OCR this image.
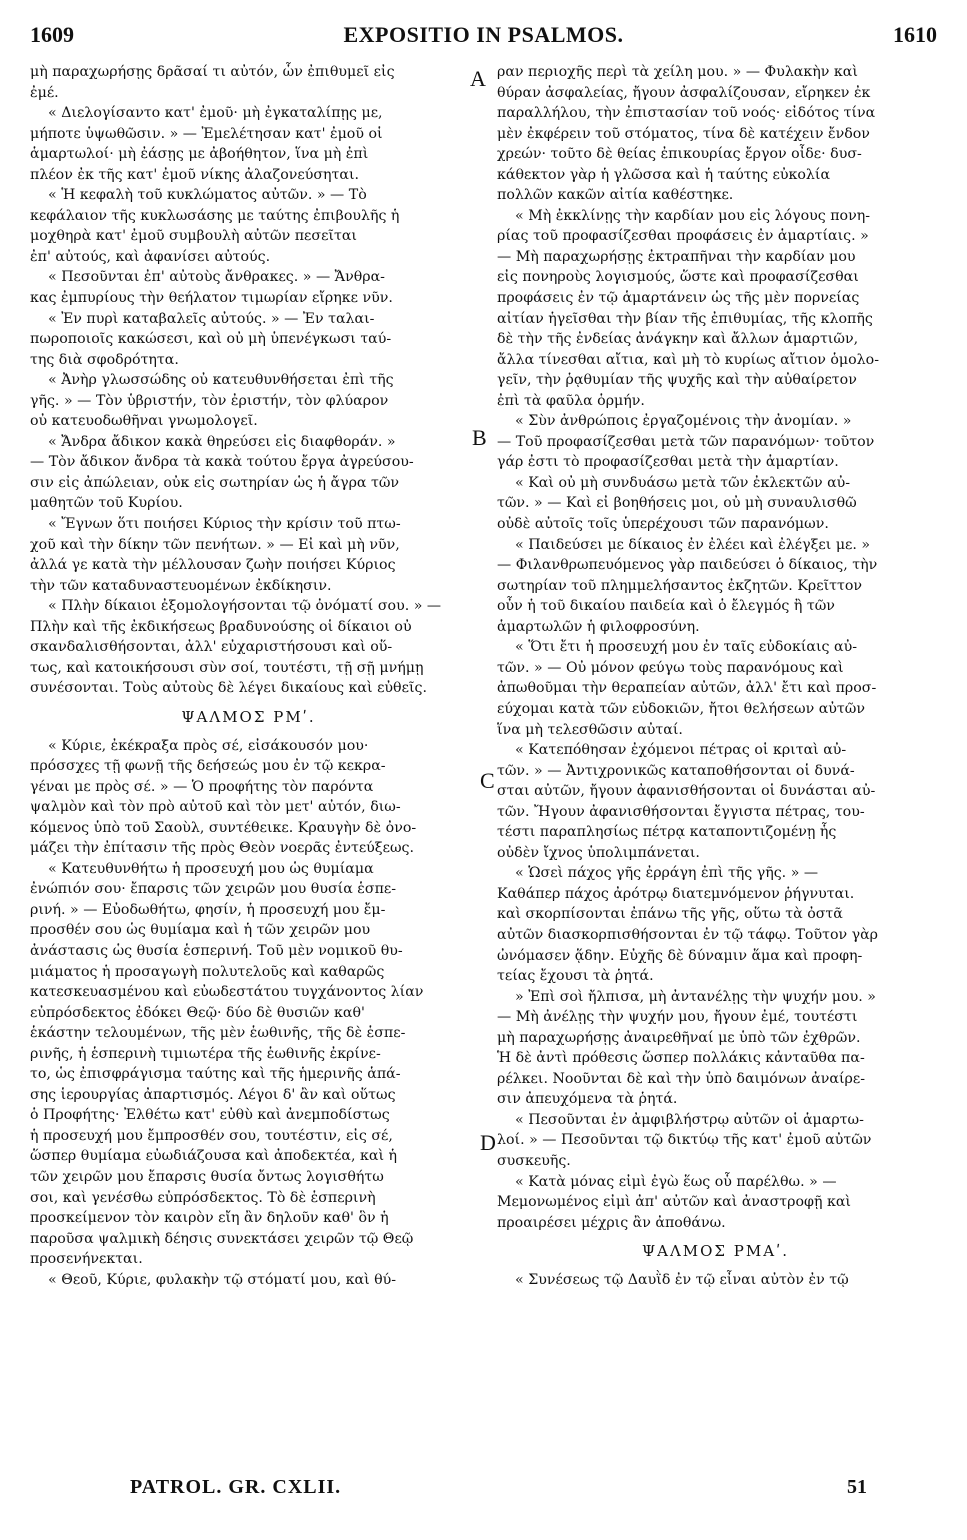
1609	EXPOSITIO IN PSALMOS.	1610
μὴ παραχωρήσῃς δρᾶσαί τι αὐτόν, ὧν ἐπιθυμεῖ εἰς
ἐμέ.
« Διελογίσαντο κατ' ἐμοῦ· μὴ ἐγκαταλίπῃς με,
μήποτε ὑψωθῶσιν. » — Ἐμελέτησαν κατ' ἐμοῦ οἱ
ἁμαρτωλοί· μὴ ἐάσῃς με ἀβοήθητον, ἵνα μὴ ἐπὶ
πλέον ἐκ τῆς κατ' ἐμοῦ νίκης ἀλαζονεύσηται.
« Ἡ κεφαλὴ τοῦ κυκλώματος αὐτῶν. » — Τὸ
κεφάλαιον τῆς κυκλωσάσης με ταύτης ἐπιβουλῆς ἡ
μοχθηρὰ κατ' ἐμοῦ συμβουλὴ αὐτῶν πεσεῖται
ἐπ' αὐτούς, καὶ ἀφανίσει αὐτούς.
« Πεσοῦνται ἐπ' αὐτοὺς ἄνθρακες. » — Ἄνθρα-
κας ἐμπυρίους τὴν θεήλατον τιμωρίαν εἴρηκε νῦν.
« Ἐν πυρὶ καταβαλεῖς αὐτούς. » — Ἐν ταλαι-
πωροποιοῖς κακώσεσι, καὶ οὐ μὴ ὑπενέγκωσι ταύ-
της διὰ σφοδρότητα.
« Ἀνὴρ γλωσσώδης οὐ κατευθυνθήσεται ἐπὶ τῆς
γῆς. » — Τὸν ὑβριστήν, τὸν ἐριστήν, τὸν φλύαρον
οὐ κατευοδωθῆναι γνωμολογεῖ.
« Ἄνδρα ἄδικον κακὰ θηρεύσει εἰς διαφθοράν. »
— Τὸν ἄδικον ἄνδρα τὰ κακὰ τούτου ἔργα ἀγρεύσου-
σιν εἰς ἀπώλειαν, οὐκ εἰς σωτηρίαν ὡς ἡ ἄγρα τῶν
μαθητῶν τοῦ Κυρίου.
« Ἔγνων ὅτι ποιήσει Κύριος τὴν κρίσιν τοῦ πτω-
χοῦ καὶ τὴν δίκην τῶν πενήτων. » — Εἰ καὶ μὴ νῦν,
ἀλλά γε κατὰ τὴν μέλλουσαν ζωὴν ποιήσει Κύριος
τὴν τῶν καταδυναστευομένων ἐκδίκησιν.
« Πλὴν δίκαιοι ἐξομολογήσονται τῷ ὀνόματί σου. » —
Πλὴν καὶ τῆς ἐκδικήσεως βραδυνούσης οἱ δίκαιοι οὐ
σκανδαλισθήσονται, ἀλλ' εὐχαριστήσουσι καὶ οὕ-
τως, καὶ κατοικήσουσι σὺν σοί, τουτέστι, τῇ σῇ μνήμῃ
συνέσονται. Τοὺς αὐτοὺς δὲ λέγει δικαίους καὶ εὐθεῖς.
ΨΑΛΜΟΣ ΡΜʹ.
« Κύριε, ἐκέκραξα πρὸς σέ, εἰσάκουσόν μου·
πρόσσχες τῇ φωνῇ τῆς δεήσεώς μου ἐν τῷ κεκρα-
γέναι με πρὸς σέ. » — Ὁ προφήτης τὸν παρόντα
ψαλμὸν καὶ τὸν πρὸ αὐτοῦ καὶ τὸν μετ' αὐτόν, διω-
κόμενος ὑπὸ τοῦ Σαοὺλ, συντέθεικε. Κραυγὴν δὲ ὀνο-
μάζει τὴν ἐπίτασιν τῆς πρὸς Θεὸν νοερᾶς ἐντεύξεως.
« Κατευθυνθήτω ἡ προσευχή μου ὡς θυμίαμα
ἐνώπιόν σου· ἔπαρσις τῶν χειρῶν μου θυσία ἑσπε-
ρινή. » — Εὐοδωθήτω, φησίν, ἡ προσευχή μου ἔμ-
προσθέν σου ὡς θυμίαμα καὶ ἡ τῶν χειρῶν μου
ἀνάστασις ὡς θυσία ἑσπερινή. Τοῦ μὲν νομικοῦ θυ-
μιάματος ἡ προσαγωγὴ πολυτελοῦς καὶ καθαρῶς
κατεσκευασμένου καὶ εὐωδεστάτου τυγχάνοντος λίαν
εὐπρόσδεκτος ἐδόκει Θεῷ· δύο δὲ θυσιῶν καθ'
ἑκάστην τελουμένων, τῆς μὲν ἑωθινῆς, τῆς δὲ ἑσπε-
ρινῆς, ἡ ἑσπερινὴ τιμιωτέρα τῆς ἑωθινῆς ἐκρίνε-
το, ὡς ἐπισφράγισμα ταύτης καὶ τῆς ἡμερινῆς ἁπά-
σης ἱερουργίας ἀπαρτισμός. Λέγοι δ' ἂν καὶ οὕτως
ὁ Προφήτης· Ἐλθέτω κατ' εὐθὺ καὶ ἀνεμποδίστως
ἡ προσευχή μου ἔμπροσθέν σου, τουτέστιν, εἰς σέ,
ὥσπερ θυμίαμα εὐωδιάζουσα καὶ ἀποδεκτέα, καὶ ἡ
τῶν χειρῶν μου ἔπαρσις θυσία ὄντως λογισθήτω
σοι, καὶ γενέσθω εὐπρόσδεκτος. Τὸ δὲ ἑσπερινὴ
προσκείμενον τὸν καιρὸν εἴη ἂν δηλοῦν καθ' ὃν ἡ
παροῦσα ψαλμικὴ δέησις συνεκτάσει χειρῶν τῷ Θεῷ
προσενήνεκται.
« Θεοῦ, Κύριε, φυλακὴν τῷ στόματί μου, καὶ θύ-
ραν περιοχῆς περὶ τὰ χείλη μου. » — Φυλακὴν καὶ
θύραν ἀσφαλείας, ἤγουν ἀσφαλίζουσαν, εἴρηκεν ἐκ
παραλλήλου, τὴν ἐπιστασίαν τοῦ νοός· εἰδότος τίνα
μὲν ἐκφέρειν τοῦ στόματος, τίνα δὲ κατέχειν ἔνδον
χρεών· τοῦτο δὲ θείας ἐπικουρίας ἔργον οἶδε· δυσ-
κάθεκτον γὰρ ἡ γλῶσσα καὶ ἡ ταύτης εὐκολία
πολλῶν κακῶν αἰτία καθέστηκε.
« Μὴ ἐκκλίνῃς τὴν καρδίαν μου εἰς λόγους πονη-
ρίας τοῦ προφασίζεσθαι προφάσεις ἐν ἁμαρτίαις. »
— Μὴ παραχωρήσῃς ἐκτραπῆναι τὴν καρδίαν μου
εἰς πονηροὺς λογισμούς, ὥστε καὶ προφασίζεσθαι
προφάσεις ἐν τῷ ἁμαρτάνειν ὡς τῆς μὲν πορνείας
αἰτίαν ἡγεῖσθαι τὴν βίαν τῆς ἐπιθυμίας, τῆς κλοπῆς
δὲ τὴν τῆς ἐνδείας ἀνάγκην καὶ ἄλλων ἁμαρτιῶν,
ἄλλα τίνεσθαι αἴτια, καὶ μὴ τὸ κυρίως αἴτιον ὁμολο-
γεῖν, τὴν ῥᾳθυμίαν τῆς ψυχῆς καὶ τὴν αὐθαίρετον
ἐπὶ τὰ φαῦλα ὁρμήν.
« Σὺν ἀνθρώποις ἐργαζομένοις τὴν ἀνομίαν. »
— Τοῦ προφασίζεσθαι μετὰ τῶν παρανόμων· τοῦτον
γάρ ἐστι τὸ προφασίζεσθαι μετὰ τὴν ἁμαρτίαν.
« Καὶ οὐ μὴ συνδυάσω μετὰ τῶν ἐκλεκτῶν αὐ-
τῶν. » — Καὶ εἰ βοηθήσεις μοι, οὐ μὴ συναυλισθῶ
οὐδὲ αὐτοῖς τοῖς ὑπερέχουσι τῶν παρανόμων.
« Παιδεύσει με δίκαιος ἐν ἐλέει καὶ ἐλέγξει με. »
— Φιλανθρωπευόμενος γὰρ παιδεύσει ὁ δίκαιος, τὴν
σωτηρίαν τοῦ πλημμελήσαντος ἐκζητῶν. Κρεῖττον
οὖν ἡ τοῦ δικαίου παιδεία καὶ ὁ ἔλεγμός ἢ τῶν
ἁμαρτωλῶν ἡ φιλοφροσύνη.
« Ὅτι ἔτι ἡ προσευχή μου ἐν ταῖς εὐδοκίαις αὐ-
τῶν. » — Οὐ μόνον φεύγω τοὺς παρανόμους καὶ
ἀπωθοῦμαι τὴν θεραπείαν αὐτῶν, ἀλλ' ἔτι καὶ προσ-
εύχομαι κατὰ τῶν εὐδοκιῶν, ἤτοι θελήσεων αὐτῶν
ἵνα μὴ τελεσθῶσιν αὐταί.
« Κατεπόθησαν ἐχόμενοι πέτρας οἱ κριταὶ αὐ-
τῶν. » — Ἀντιχρονικῶς καταποθήσονται οἱ δυνά-
σται αὐτῶν, ἤγουν ἀφανισθήσονται οἱ δυνάσται αὐ-
τῶν. Ἤγουν ἀφανισθήσονται ἔγγιστα πέτρας, του-
τέστι παραπλησίως πέτρᾳ καταποντιζομένῃ ἧς
οὐδὲν ἴχνος ὑπολιμπάνεται.
« Ὡσεὶ πάχος γῆς ἐρράγη ἐπὶ τῆς γῆς. » —
Καθάπερ πάχος ἀρότρῳ διατεμνόμενον ῥήγνυται.
καὶ σκορπίσονται ἐπάνω τῆς γῆς, οὕτω τὰ ὀστᾶ
αὐτῶν διασκορπισθήσονται ἐν τῷ τάφῳ. Τοῦτον γὰρ
ὠνόμασεν ᾅδην. Εὐχῆς δὲ δύναμιν ἅμα καὶ προφη-
τείας ἔχουσι τὰ ῥητά.
» Ἐπὶ σοὶ ἤλπισα, μὴ ἀντανέλῃς τὴν ψυχήν μου. »
— Μὴ ἀνέλῃς τὴν ψυχήν μου, ἤγουν ἐμέ, τουτέστι
μὴ παραχωρήσῃς ἀναιρεθῆναί με ὑπὸ τῶν ἐχθρῶν.
Ἡ δὲ ἀντὶ πρόθεσις ὥσπερ πολλάκις κἀνταῦθα πα-
ρέλκει. Νοοῦνται δὲ καὶ τὴν ὑπὸ δαιμόνων ἀναίρε-
σιν ἀπευχόμενα τὰ ῥητά.
« Πεσοῦνται ἐν ἀμφιβλήστρῳ αὐτῶν οἱ ἁμαρτω-
λοί. » — Πεσοῦνται τῷ δικτύῳ τῆς κατ' ἐμοῦ αὐτῶν
συσκευῆς.
« Κατὰ μόνας εἰμὶ ἐγὼ ἕως οὗ παρέλθω. » —
Μεμονωμένος εἰμὶ ἀπ' αὐτῶν καὶ ἀναστροφῇ καὶ
προαιρέσει μέχρις ἂν ἀποθάνω.
ΨΑΛΜΟΣ ΡΜΑʹ.
« Συνέσεως τῷ Δαυῒδ ἐν τῷ εἶναι αὐτὸν ἐν τῷ
A
B
C
D
PATROL. GR. CXLII.	51
